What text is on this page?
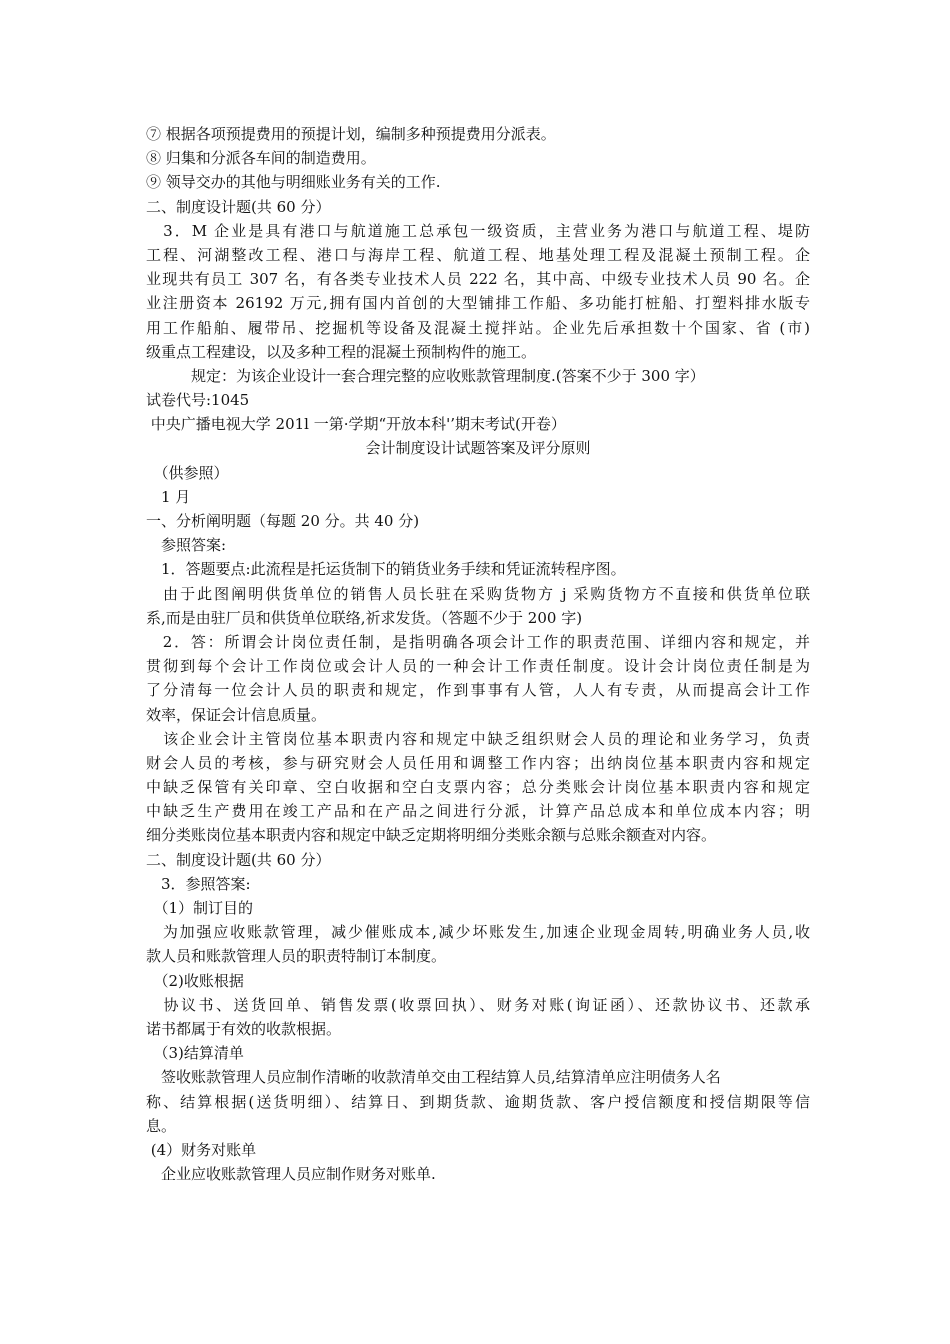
⑦ 根据各项预提费用的预提计划，编制多种预提费用分派表。
⑧ 归集和分派各车间的制造费用。
⑨ 领导交办的其他与明细账业务有关的工作.
二、制度设计题(共 60 分）
　3．M 企业是具有港口与航道施工总承包一级资质，主营业务为港口与航道工程、堤防
工程、河湖整改工程、港口与海岸工程、航道工程、地基处理工程及混凝土预制工程。企
业现共有员工 307 名，有各类专业技术人员 222 名，其中高、中级专业技术人员 90 名。企
业注册资本 26192 万元,拥有国内首创的大型铺排工作船、多功能打桩船、打塑料排水版专
用工作船舶、履带吊、挖掘机等设备及混凝土搅拌站。企业先后承担数十个国家、省 (市)
级重点工程建设，以及多种工程的混凝土预制构件的施工。
　　　规定：为该企业设计一套合理完整的应收账款管理制度.(答案不少于 300 字）
试卷代号:1045
中央广播电视大学 201l 一第·学期“开放本科'’期末考试(开卷）
会计制度设计试题答案及评分原则
　（供参照）
　1 月
一、分析阐明题（每题 20 分。共 40 分)
　参照答案:
　1．答题要点:此流程是托运货制下的销货业务手续和凭证流转程序图。
　由于此图阐明供货单位的销售人员长驻在采购货物方 j 采购货物方不直接和供货单位联
系,而是由驻厂员和供货单位联络,祈求发货。（答题不少于 200 字)
　2．答：所谓会计岗位责任制，是指明确各项会计工作的职责范围、详细内容和规定，并
贯彻到每个会计工作岗位或会计人员的一种会计工作责任制度。设计会计岗位责任制是为
了分清每一位会计人员的职责和规定，作到事事有人管，人人有专责，从而提高会计工作
效率，保证会计信息质量。
　该企业会计主管岗位基本职责内容和规定中缺乏组织财会人员的理论和业务学习，负责
财会人员的考核，参与研究财会人员任用和调整工作内容；出纳岗位基本职责内容和规定
中缺乏保管有关印章、空白收据和空白支票内容；总分类账会计岗位基本职责内容和规定
中缺乏生产费用在竣工产品和在产品之间进行分派，计算产品总成本和单位成本内容；明
细分类账岗位基本职责内容和规定中缺乏定期将明细分类账余额与总账余额查对内容。
二、制度设计题(共 60 分）
　3．参照答案:
　（1）制订目的
　为加强应收账款管理，减少催账成本,减少坏账发生,加速企业现金周转,明确业务人员,收
款人员和账款管理人员的职责特制订本制度。
　（2)收账根据
　协议书、送货回单、销售发票(收票回执）、财务对账(询证函）、还款协议书、还款承
诺书都属于有效的收款根据。
　（3)结算清单
　签收账款管理人员应制作清晰的收款清单交由工程结算人员,结算清单应注明债务人名
称、结算根据(送货明细）、结算日、到期货款、逾期货款、客户授信额度和授信期限等信
息。
(4）财务对账单
　企业应收账款管理人员应制作财务对账单.
